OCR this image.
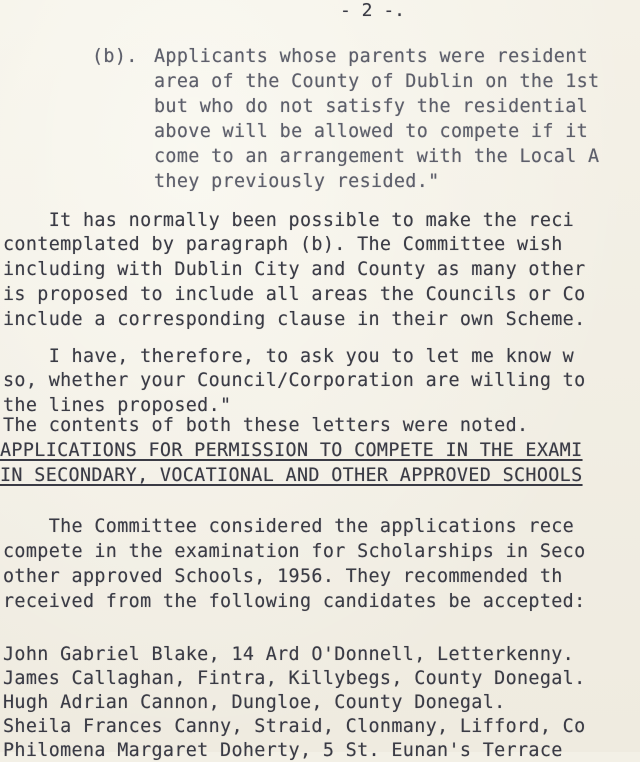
- 2 -.
(b). Applicants whose parents were resident
area of the County of Dublin on the 1st
but who do not satisfy the residential
above will be allowed to compete if it
come to an arrangement with the Local A
they previously resided."
It has normally been possible to make the reci
contemplated by paragraph (b). The Committee wish
including with Dublin City and County as many other
is proposed to include all areas the Councils or Co
include a corresponding clause in their own Scheme.
I have, therefore, to ask you to let me know w
so, whether your Council/Corporation are willing to
the lines proposed."
The contents of both these letters were noted.
APPLICATIONS FOR PERMISSION TO COMPETE IN THE EXAMI
IN SECONDARY, VOCATIONAL AND OTHER APPROVED SCHOOLS
The Committee considered the applications rece
compete in the examination for Scholarships in Seco
other approved Schools, 1956. They recommended th
received from the following candidates be accepted:
John Gabriel Blake, 14 Ard O'Donnell, Letterkenny.
James Callaghan, Fintra, Killybegs, County Donegal.
Hugh Adrian Cannon, Dungloe, County Donegal.
Sheila Frances Canny, Straid, Clonmany, Lifford, Co
Philomena Margaret Doherty, 5 St. Eunan's Terrace
